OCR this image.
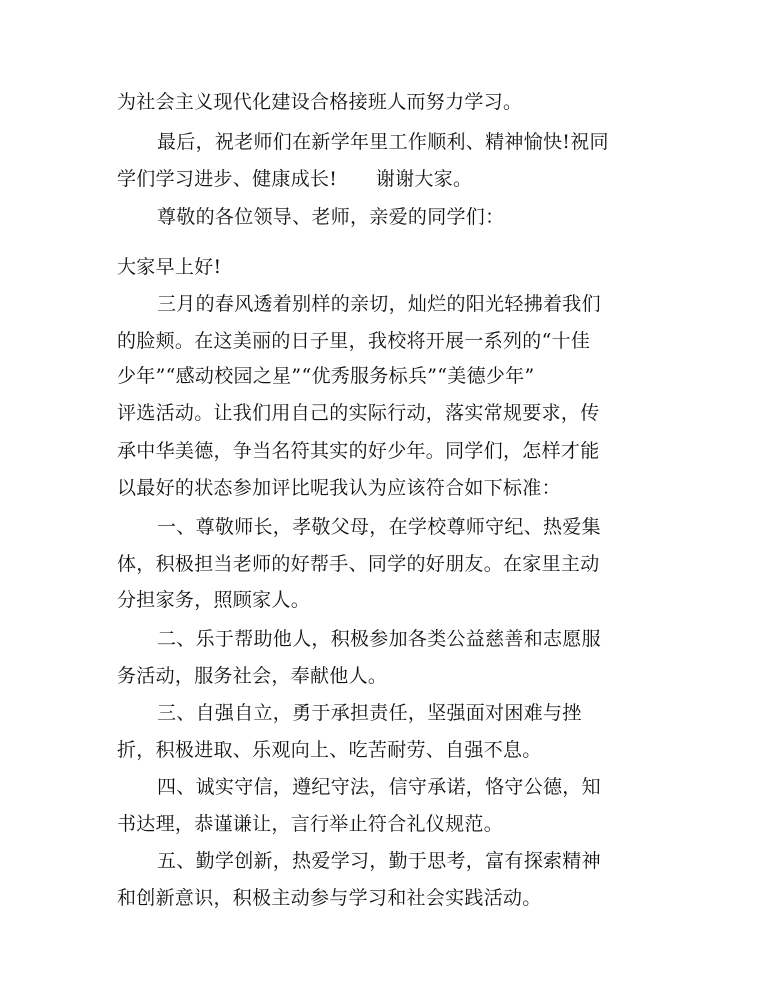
为社会主义现代化建设合格接班人而努力学习。
最后，祝老师们在新学年里工作顺利、精神愉快!祝同
学们学习进步、健康成长!　　谢谢大家。
尊敬的各位领导、老师，亲爱的同学们：
大家早上好!
三月的春风透着别样的亲切，灿烂的阳光轻拂着我们
的脸颊。在这美丽的日子里，我校将开展一系列的“十佳
少年”“感动校园之星”“优秀服务标兵”“美德少年”
评选活动。让我们用自己的实际行动，落实常规要求，传
承中华美德，争当名符其实的好少年。同学们，怎样才能
以最好的状态参加评比呢我认为应该符合如下标准：
一、尊敬师长，孝敬父母，在学校尊师守纪、热爱集
体，积极担当老师的好帮手、同学的好朋友。在家里主动
分担家务，照顾家人。
二、乐于帮助他人，积极参加各类公益慈善和志愿服
务活动，服务社会，奉献他人。
三、自强自立，勇于承担责任，坚强面对困难与挫
折，积极进取、乐观向上、吃苦耐劳、自强不息。
四、诚实守信，遵纪守法，信守承诺，恪守公德，知
书达理，恭谨谦让，言行举止符合礼仪规范。
五、勤学创新，热爱学习，勤于思考，富有探索精神
和创新意识，积极主动参与学习和社会实践活动。
